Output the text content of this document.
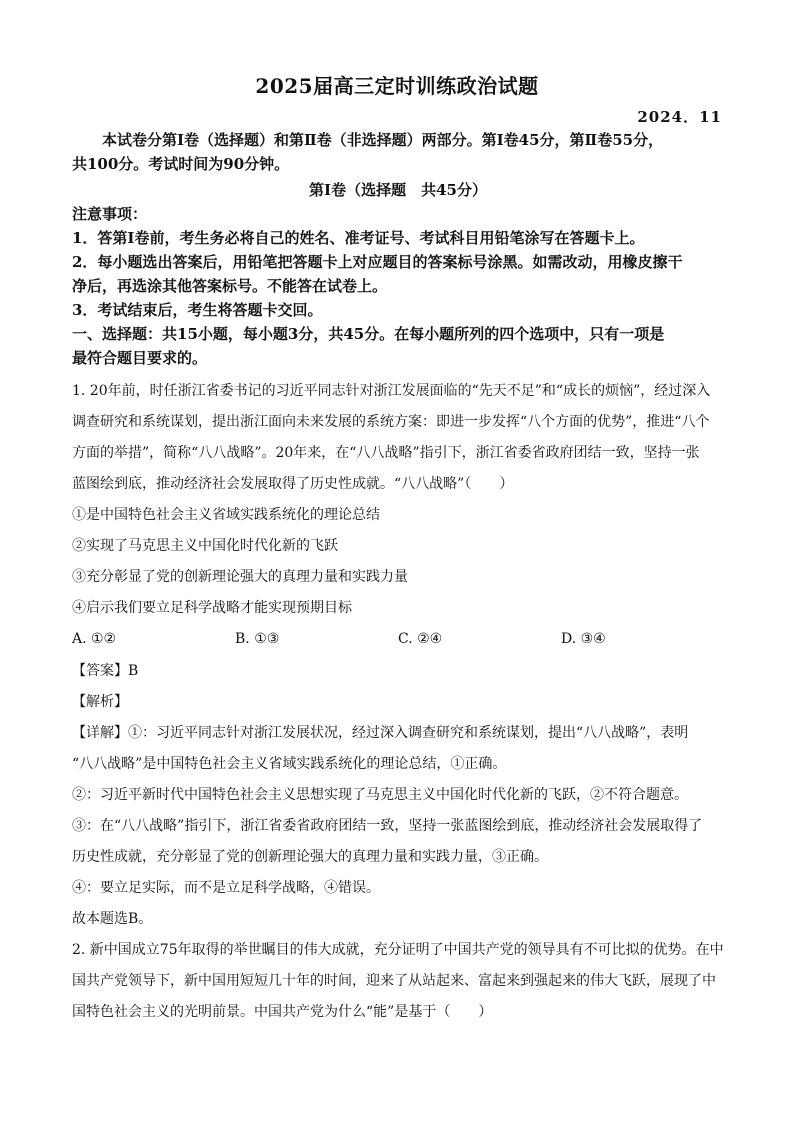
2025届高三定时训练政治试题
2024．11
本试卷分第Ⅰ卷（选择题）和第Ⅱ卷（非选择题）两部分。第Ⅰ卷45分，第Ⅱ卷55分，
共100分。考试时间为90分钟。
第Ⅰ卷（选择题　共45分）
注意事项：
1．答第Ⅰ卷前，考生务必将自己的姓名、准考证号、考试科目用铅笔涂写在答题卡上。
2．每小题选出答案后，用铅笔把答题卡上对应题目的答案标号涂黑。如需改动，用橡皮擦干
净后，再选涂其他答案标号。不能答在试卷上。
3．考试结束后，考生将答题卡交回。
一、选择题：共15小题，每小题3分，共45分。在每小题所列的四个选项中，只有一项是
最符合题目要求的。
1. 20年前，时任浙江省委书记的习近平同志针对浙江发展面临的“先天不足”和“成长的烦恼”，经过深入
调查研究和系统谋划，提出浙江面向未来发展的系统方案：即进一步发挥“八个方面的优势”，推进“八个
方面的举措”，简称“八八战略”。20年来，在“八八战略”指引下，浙江省委省政府团结一致，坚持一张
蓝图绘到底，推动经济社会发展取得了历史性成就。“八八战略”（　　）
①是中国特色社会主义省域实践系统化的理论总结
②实现了马克思主义中国化时代化新的飞跃
③充分彰显了党的创新理论强大的真理力量和实践力量
④启示我们要立足科学战略才能实现预期目标
A. ①②	B. ①③	C. ②④	D. ③④
【答案】B
【解析】
【详解】①：习近平同志针对浙江发展状况，经过深入调查研究和系统谋划，提出“八八战略”，表明
“八八战略”是中国特色社会主义省域实践系统化的理论总结，①正确。
②：习近平新时代中国特色社会主义思想实现了马克思主义中国化时代化新的飞跃，②不符合题意。
③：在“八八战略”指引下，浙江省委省政府团结一致，坚持一张蓝图绘到底，推动经济社会发展取得了
历史性成就，充分彰显了党的创新理论强大的真理力量和实践力量，③正确。
④：要立足实际，而不是立足科学战略，④错误。
故本题选B。
2. 新中国成立75年取得的举世瞩目的伟大成就，充分证明了中国共产党的领导具有不可比拟的优势。在中
国共产党领导下，新中国用短短几十年的时间，迎来了从站起来、富起来到强起来的伟大飞跃，展现了中
国特色社会主义的光明前景。中国共产党为什么“能”是基于（　　）
